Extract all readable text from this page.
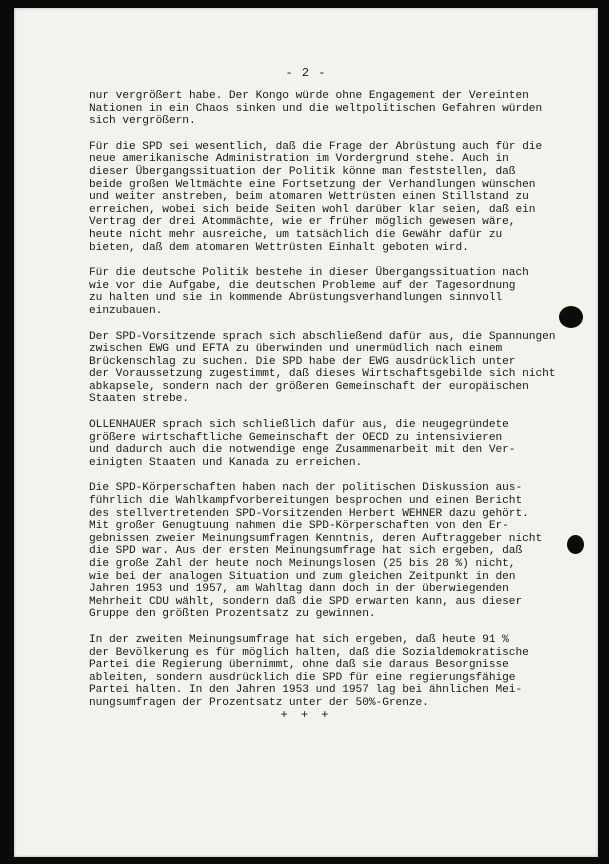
- 2 -

nur vergrößert habe. Der Kongo würde ohne Engagement der Vereinten
Nationen in ein Chaos sinken und die weltpolitischen Gefahren würden
sich vergrößern.

Für die SPD sei wesentlich, daß die Frage der Abrüstung auch für die
neue amerikanische Administration im Vordergrund stehe. Auch in
dieser Übergangssituation der Politik könne man feststellen, daß
beide großen Weltmächte eine Fortsetzung der Verhandlungen wünschen
und weiter anstreben, beim atomaren Wettrüsten einen Stillstand zu
erreichen, wobei sich beide Seiten wohl darüber klar seien, daß ein
Vertrag der drei Atommächte, wie er früher möglich gewesen wäre,
heute nicht mehr ausreiche, um tatsächlich die Gewähr dafür zu
bieten, daß dem atomaren Wettrüsten Einhalt geboten wird.

Für die deutsche Politik bestehe in dieser Übergangssituation nach
wie vor die Aufgabe, die deutschen Probleme auf der Tagesordnung
zu halten und sie in kommende Abrüstungsverhandlungen sinnvoll
einzubauen.

Der SPD-Vorsitzende sprach sich abschließend dafür aus, die Spannungen
zwischen EWG und EFTA zu überwinden und unermüdlich nach einem
Brückenschlag zu suchen. Die SPD habe der EWG ausdrücklich unter
der Voraussetzung zugestimmt, daß dieses Wirtschaftsgebilde sich nicht
abkapsele, sondern nach der größeren Gemeinschaft der europäischen
Staaten strebe.

OLLENHAUER sprach sich schließlich dafür aus, die neugegründete
größere wirtschaftliche Gemeinschaft der OECD zu intensivieren
und dadurch auch die notwendige enge Zusammenarbeit mit den Ver-
einigten Staaten und Kanada zu erreichen.

Die SPD-Körperschaften haben nach der politischen Diskussion aus-
führlich die Wahlkampfvorbereitungen besprochen und einen Bericht
des stellvertretenden SPD-Vorsitzenden Herbert WEHNER dazu gehört.
Mit großer Genugtuung nahmen die SPD-Körperschaften von den Er-
gebnissen zweier Meinungsumfragen Kenntnis, deren Auftraggeber nicht
die SPD war. Aus der ersten Meinungsumfrage hat sich ergeben, daß
die große Zahl der heute noch Meinungslosen (25 bis 28 %) nicht,
wie bei der analogen Situation und zum gleichen Zeitpunkt in den
Jahren 1953 und 1957, am Wahltag dann doch in der überwiegenden
Mehrheit CDU wählt, sondern daß die SPD erwarten kann, aus dieser
Gruppe den größten Prozentsatz zu gewinnen.

In der zweiten Meinungsumfrage hat sich ergeben, daß heute 91 %
der Bevölkerung es für möglich halten, daß die Sozialdemokratische
Partei die Regierung übernimmt, ohne daß sie daraus Besorgnisse
ableiten, sondern ausdrücklich die SPD für eine regierungsfähige
Partei halten. In den Jahren 1953 und 1957 lag bei ähnlichen Mei-
nungsumfragen der Prozentsatz unter der 50%-Grenze.

+ + +
